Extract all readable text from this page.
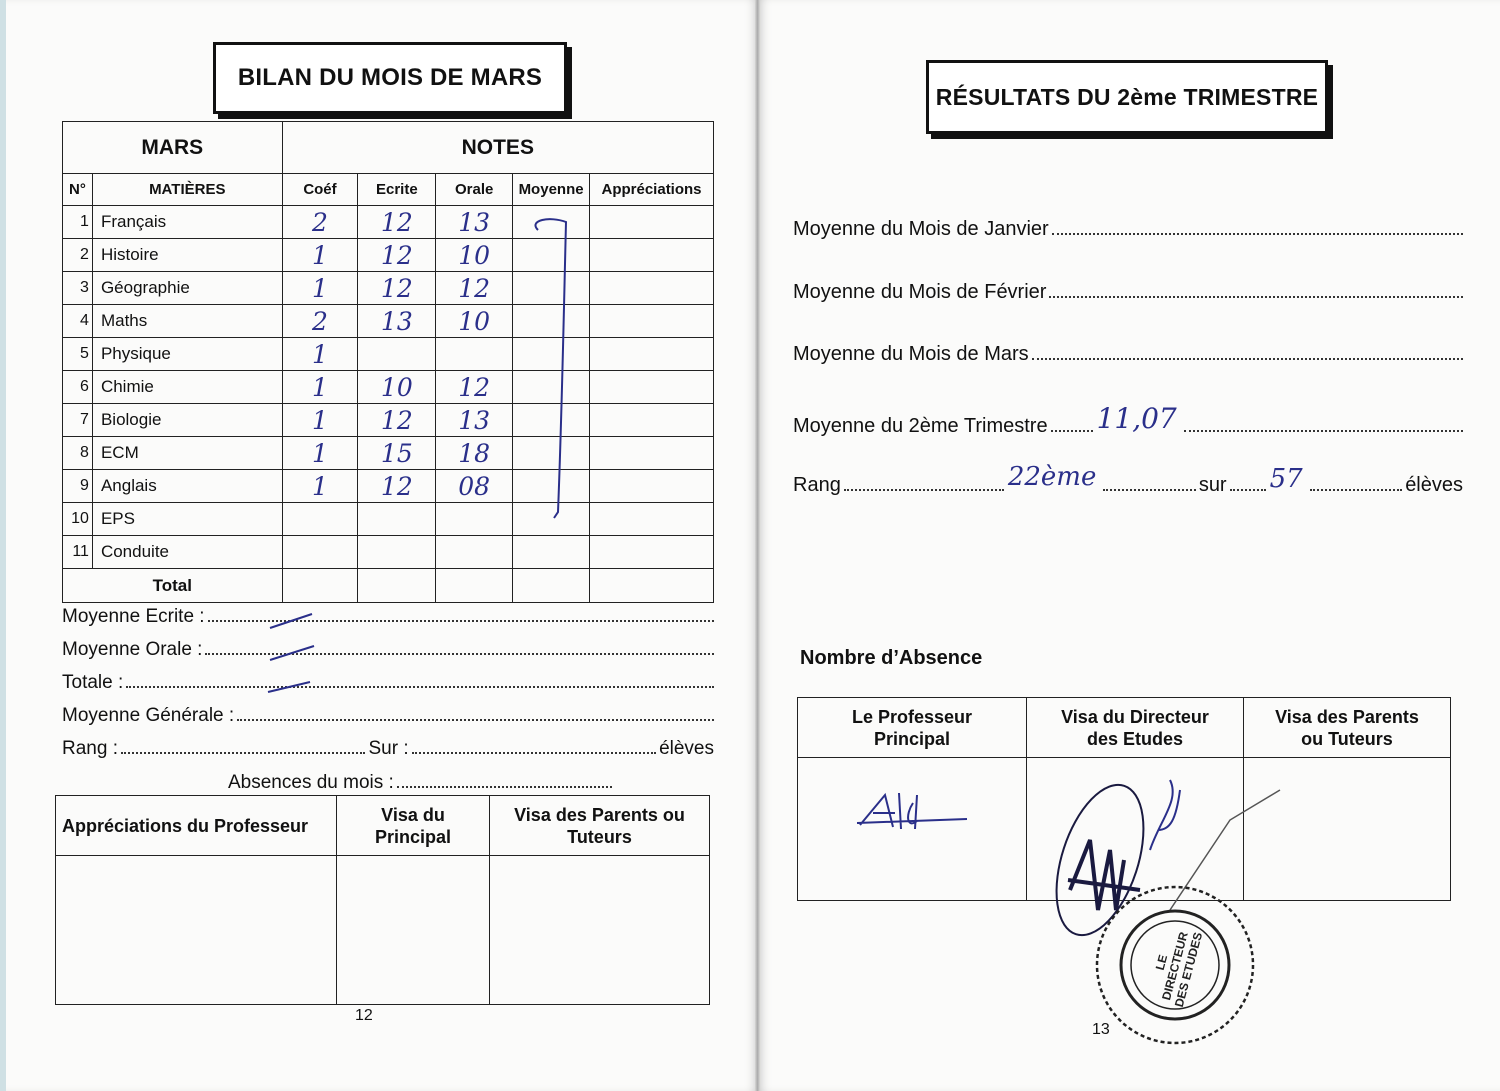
BILAN DU MOIS DE MARS
MARS		NOTES				
N°	MATIÈRES	Coéf	Ecrite	Orale	Moyenne	Appréciations
1	Français	2	12	13		
2	Histoire	1	12	10		
3	Géographie	1	12	12		
4	Maths	2	13	10		
5	Physique	1				
6	Chimie	1	10	12		
7	Biologie	1	12	13		
8	ECM	1	15	18		
9	Anglais	1	12	08		
10	EPS					
11	Conduite					
Total						
Moyenne Ecrite :
Moyenne Orale :
Totale :
Moyenne Générale :
Rang :	Sur :	élèves
Absences du mois :
Appréciations du Professeur	Visa du Principal	Visa des Parents ou Tuteurs

12
RÉSULTATS DU 2ème TRIMESTRE
Moyenne du Mois de Janvier
Moyenne du Mois de Février
Moyenne du Mois de Mars
Moyenne du 2ème Trimestre 11,07
Rang	22ème	sur 57	élèves
Nombre d’Absence
Le Professeur Principal	Visa du Directeur des Etudes	Visa des Parents ou Tuteurs

LE DIRECTEUR DES ETUDES
13
